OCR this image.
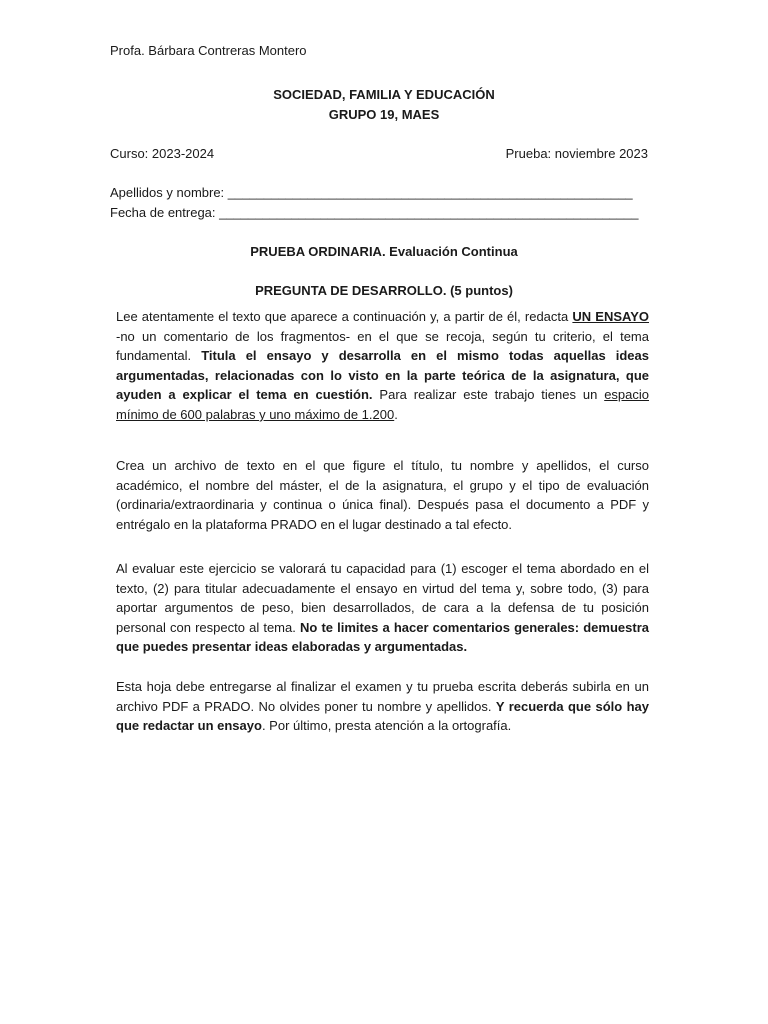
Profa. Bárbara Contreras Montero
SOCIEDAD, FAMILIA Y EDUCACIÓN
GRUPO 19, MAES
Curso: 2023-2024	Prueba: noviembre 2023
Apellidos y nombre: ________________________________________________________
Fecha de entrega: __________________________________________________________
PRUEBA ORDINARIA. Evaluación Continua
PREGUNTA DE DESARROLLO. (5 puntos)
Lee atentamente el texto que aparece a continuación y, a partir de él, redacta UN ENSAYO -no un comentario de los fragmentos- en el que se recoja, según tu criterio, el tema fundamental. Titula el ensayo y desarrolla en el mismo todas aquellas ideas argumentadas, relacionadas con lo visto en la parte teórica de la asignatura, que ayuden a explicar el tema en cuestión. Para realizar este trabajo tienes un espacio mínimo de 600 palabras y uno máximo de 1.200.
Crea un archivo de texto en el que figure el título, tu nombre y apellidos, el curso académico, el nombre del máster, el de la asignatura, el grupo y el tipo de evaluación (ordinaria/extraordinaria y continua o única final). Después pasa el documento a PDF y entrégalo en la plataforma PRADO en el lugar destinado a tal efecto.
Al evaluar este ejercicio se valorará tu capacidad para (1) escoger el tema abordado en el texto, (2) para titular adecuadamente el ensayo en virtud del tema y, sobre todo, (3) para aportar argumentos de peso, bien desarrollados, de cara a la defensa de tu posición personal con respecto al tema. No te limites a hacer comentarios generales: demuestra que puedes presentar ideas elaboradas y argumentadas.
Esta hoja debe entregarse al finalizar el examen y tu prueba escrita deberás subirla en un archivo PDF a PRADO. No olvides poner tu nombre y apellidos. Y recuerda que sólo hay que redactar un ensayo. Por último, presta atención a la ortografía.
